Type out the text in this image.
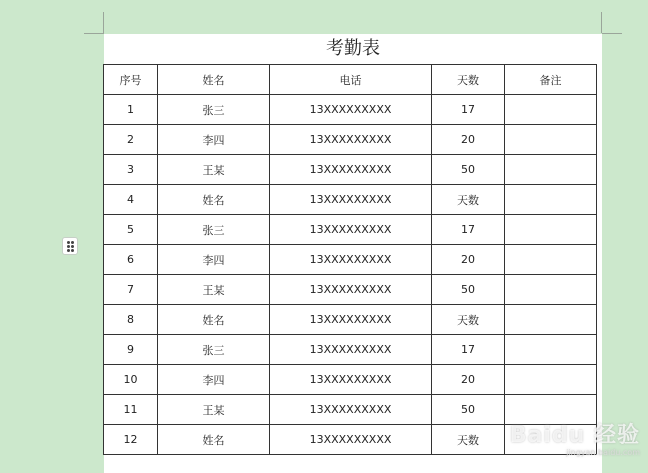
考勤表
序号	姓名	电话	天数	备注
1	张三	13XXXXXXXXX	17	
2	李四	13XXXXXXXXX	20	
3	王某	13XXXXXXXXX	50	
4	姓名	13XXXXXXXXX	天数	
5	张三	13XXXXXXXXX	17	
6	李四	13XXXXXXXXX	20	
7	王某	13XXXXXXXXX	50	
8	姓名	13XXXXXXXXX	天数	
9	张三	13XXXXXXXXX	17	
10	李四	13XXXXXXXXX	20	
11	王某	13XXXXXXXXX	50	
12	姓名	13XXXXXXXXX	天数	Baidu 经验
jingyan.baidu.com
